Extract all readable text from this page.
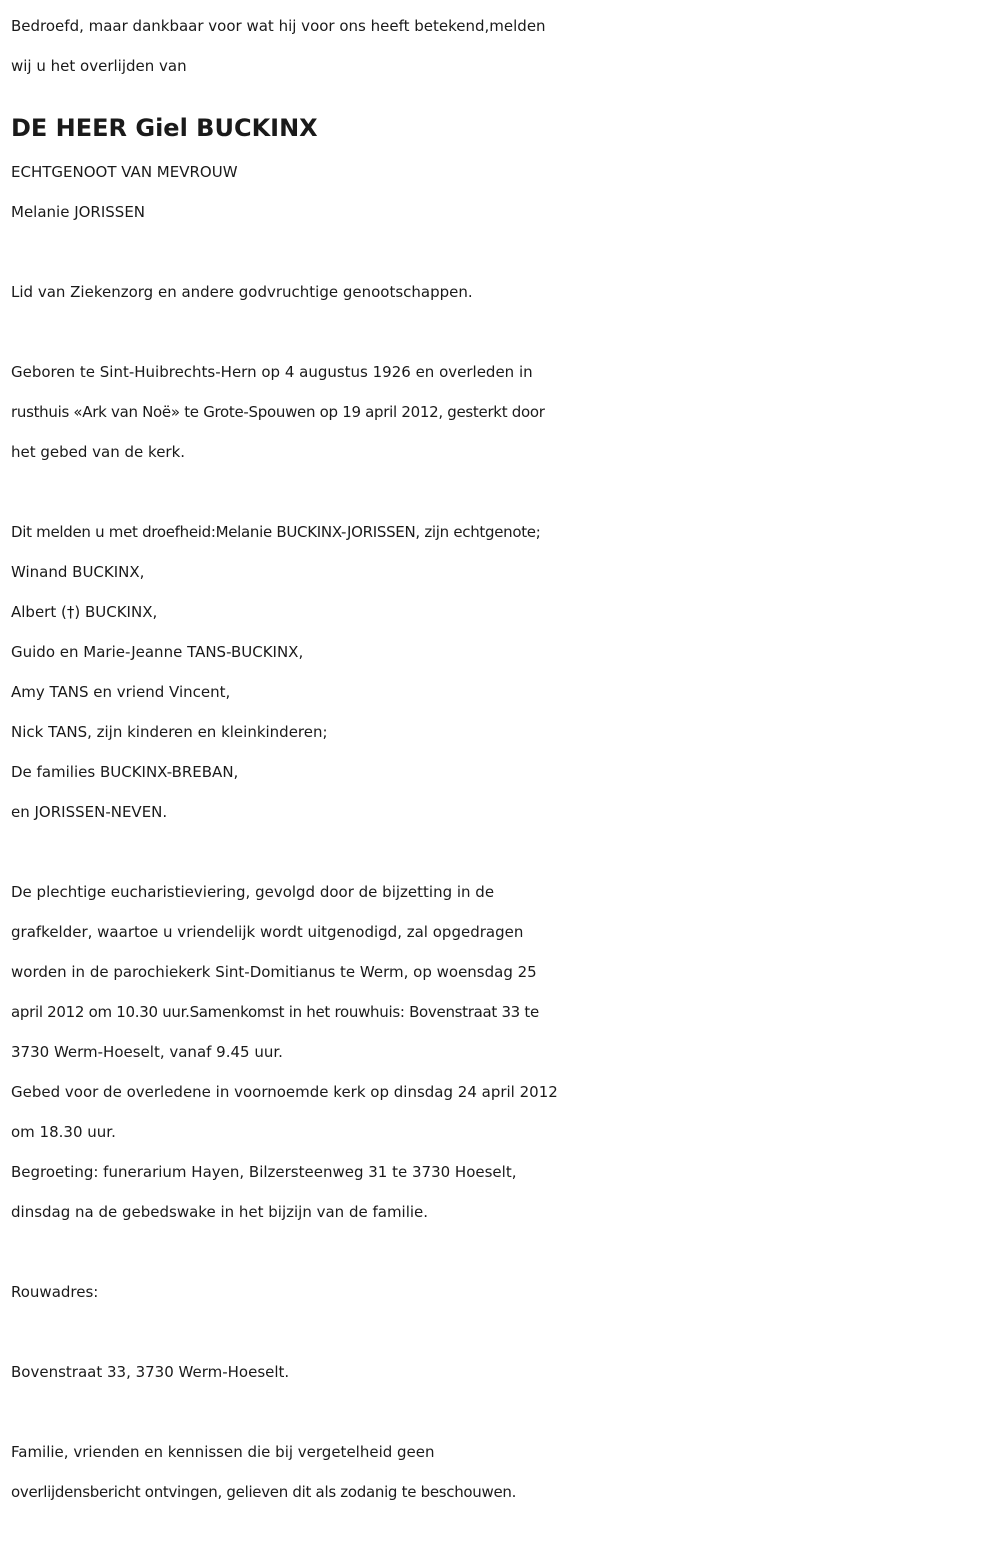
Bedroefd, maar dankbaar voor wat hij voor ons heeft betekend,melden
wij u het overlijden van
DE HEER Giel BUCKINX
ECHTGENOOT VAN MEVROUW
Melanie JORISSEN
Lid van Ziekenzorg en andere godvruchtige genootschappen.
Geboren te Sint-Huibrechts-Hern op 4 augustus 1926 en overleden in
rusthuis «Ark van Noë» te Grote-Spouwen op 19 april 2012, gesterkt door
het gebed van de kerk.
Dit melden u met droefheid:Melanie BUCKINX-JORISSEN, zijn echtgenote;
Winand BUCKINX,
Albert (†) BUCKINX,
Guido en Marie-Jeanne TANS-BUCKINX,
Amy TANS en vriend Vincent,
Nick TANS, zijn kinderen en kleinkinderen;
De families BUCKINX-BREBAN,
en JORISSEN-NEVEN.
De plechtige eucharistieviering, gevolgd door de bijzetting in de
grafkelder, waartoe u vriendelijk wordt uitgenodigd, zal opgedragen
worden in de parochiekerk Sint-Domitianus te Werm, op woensdag 25
april 2012 om 10.30 uur.Samenkomst in het rouwhuis: Bovenstraat 33 te
3730 Werm-Hoeselt, vanaf 9.45 uur.
Gebed voor de overledene in voornoemde kerk op dinsdag 24 april 2012
om 18.30 uur.
Begroeting: funerarium Hayen, Bilzersteenweg 31 te 3730 Hoeselt,
dinsdag na de gebedswake in het bijzijn van de familie.
Rouwadres:
Bovenstraat 33, 3730 Werm-Hoeselt.
Familie, vrienden en kennissen die bij vergetelheid geen
overlijdensbericht ontvingen, gelieven dit als zodanig te beschouwen.
